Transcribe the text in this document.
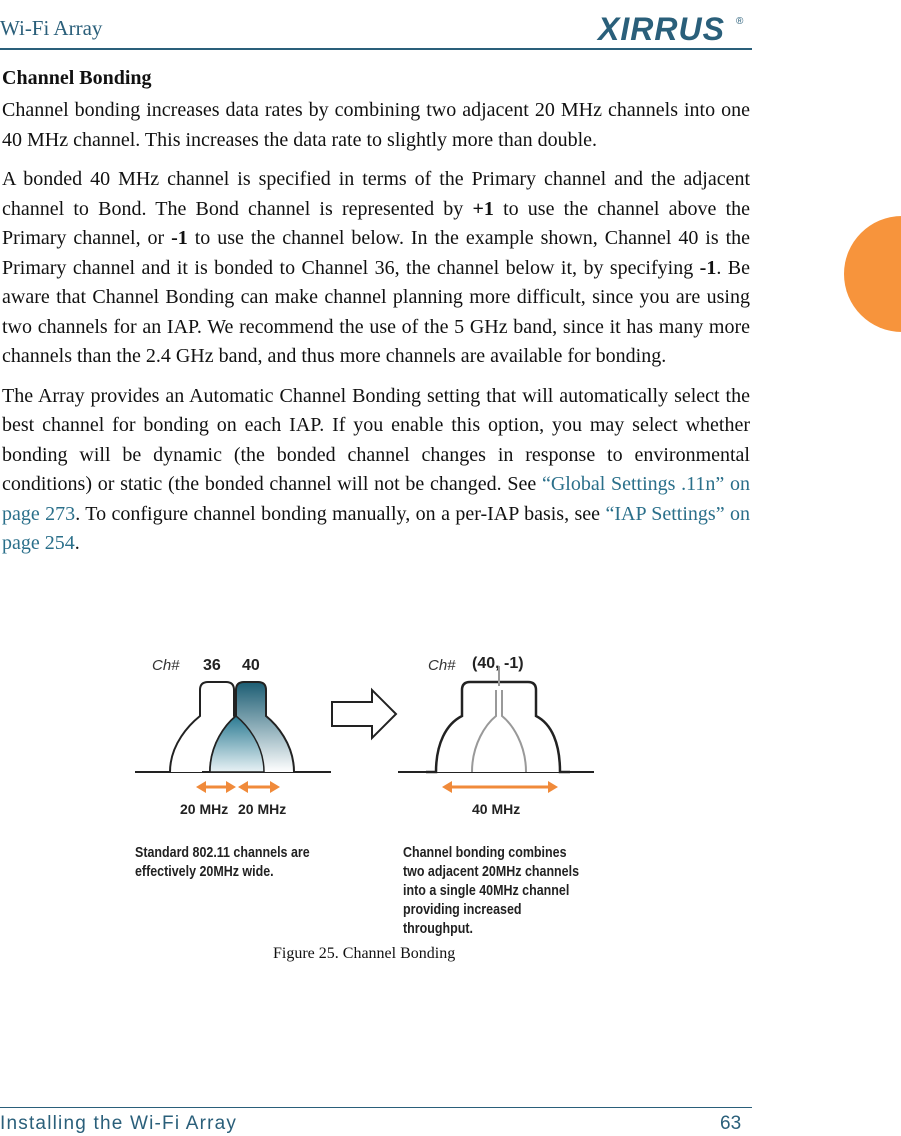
Wi-Fi Array	XIRRUS ®
Channel Bonding

Channel bonding increases data rates by combining two adjacent 20 MHz channels into one 40 MHz channel. This increases the data rate to slightly more than double.

A bonded 40 MHz channel is specified in terms of the Primary channel and the adjacent channel to Bond. The Bond channel is represented by +1 to use the channel above the Primary channel, or -1 to use the channel below. In the example shown, Channel 40 is the Primary channel and it is bonded to Channel 36, the channel below it, by specifying -1. Be aware that Channel Bonding can make channel planning more difficult, since you are using two channels for an IAP. We recommend the use of the 5 GHz band, since it has many more channels than the 2.4 GHz band, and thus more channels are available for bonding.

The Array provides an Automatic Channel Bonding setting that will automatically select the best channel for bonding on each IAP. If you enable this option, you may select whether bonding will be dynamic (the bonded channel changes in response to environmental conditions) or static (the bonded channel will not be changed. See “Global Settings .11n” on page 273. To configure channel bonding manually, on a per-IAP basis, see “IAP Settings” on page 254.

Ch# 36 40
20 MHz 20 MHz
Ch# (40, -1)
40 MHz
Standard 802.11 channels are
effectively 20MHz wide.
Channel bonding combines
two adjacent 20MHz channels
into a single 40MHz channel
providing increased throughput.
Figure 25. Channel Bonding
Installing the Wi-Fi Array	63
